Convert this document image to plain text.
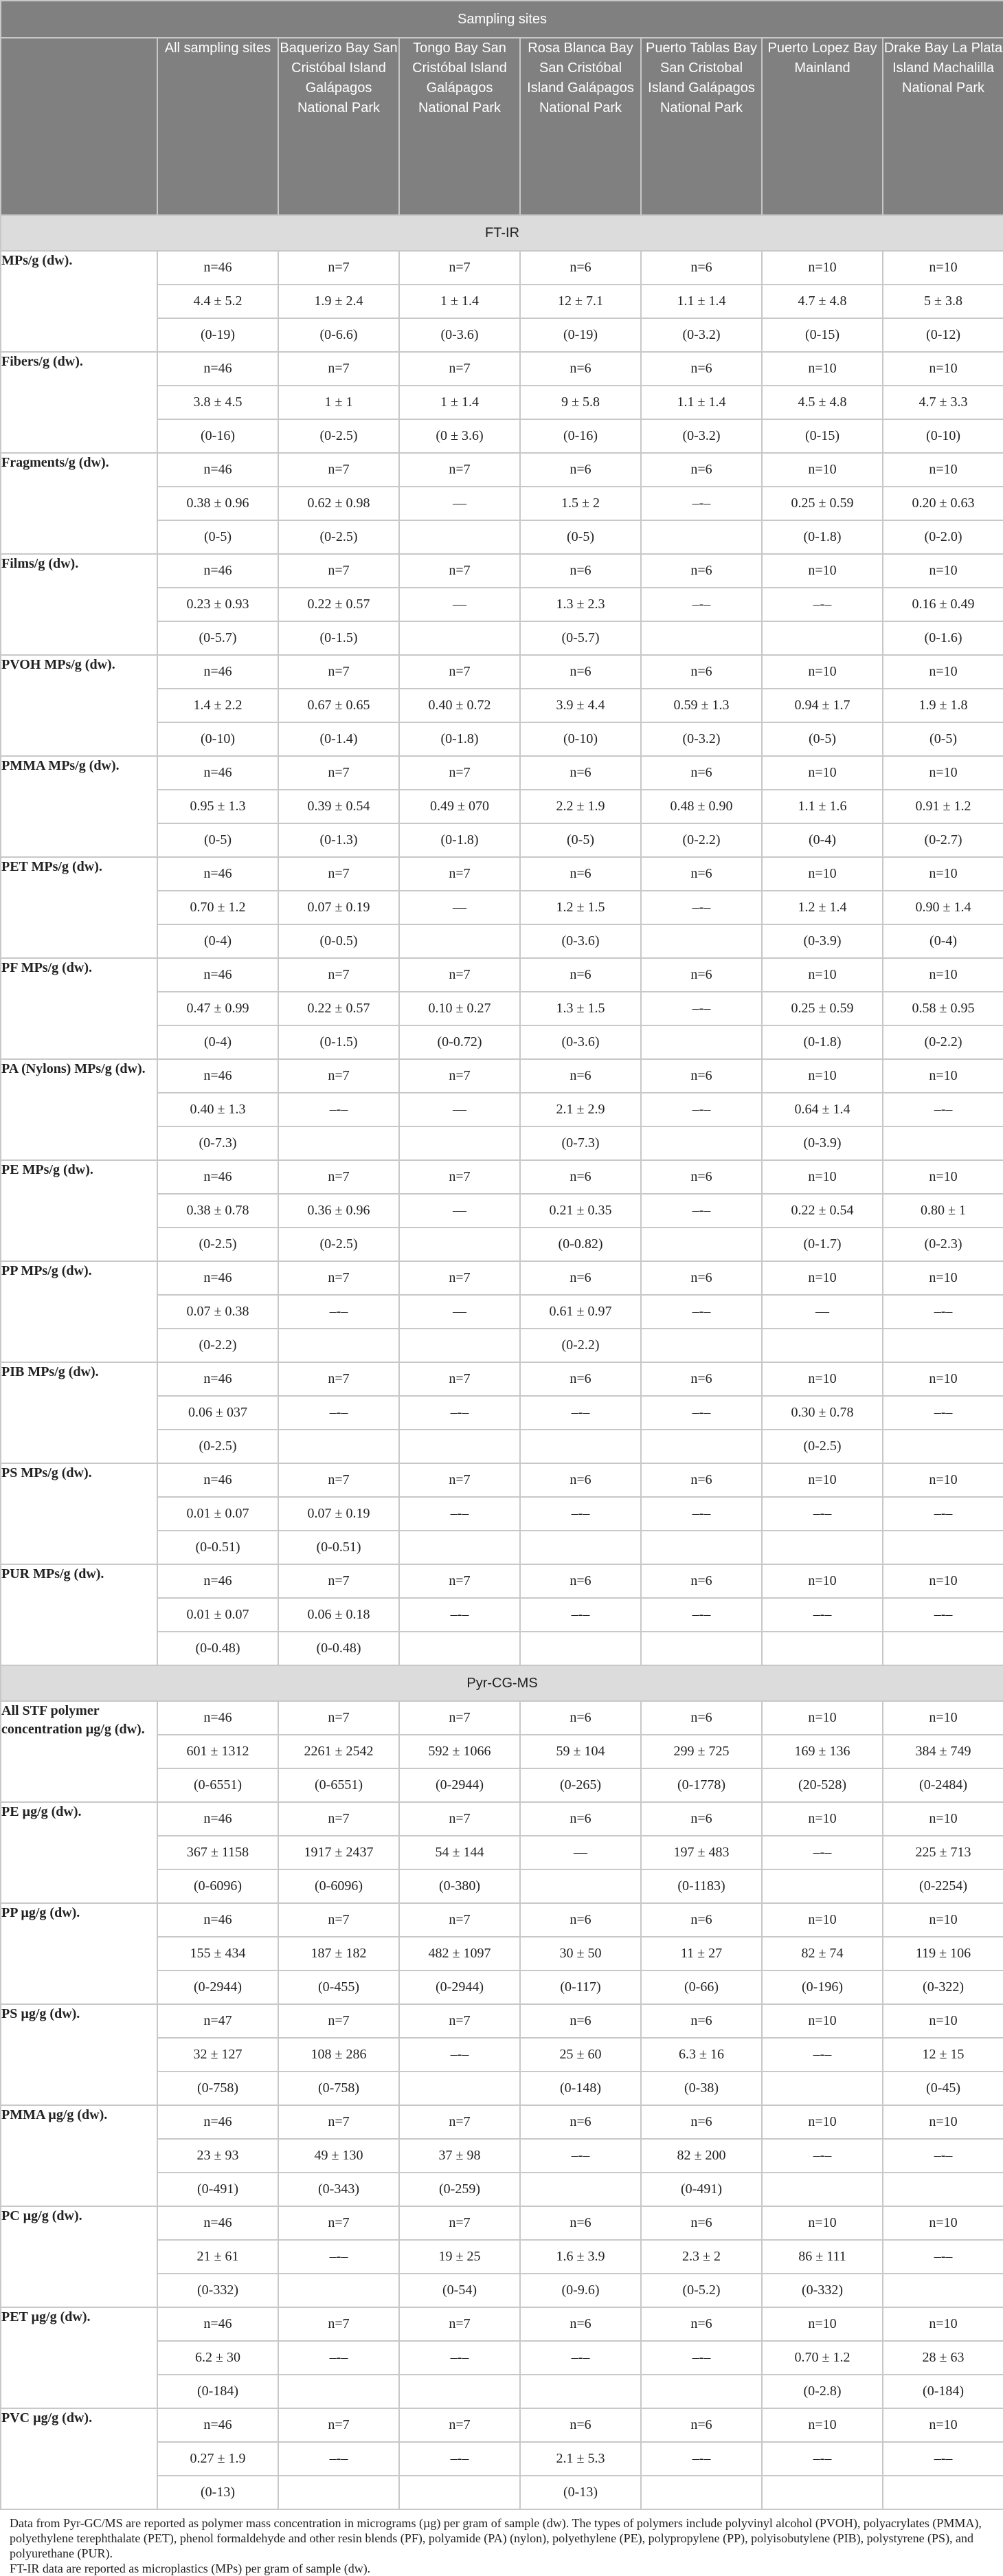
Sampling sites							
	All sampling sites	Baquerizo Bay San Cristóbal Island Galápagos National Park	Tongo Bay San Cristóbal Island Galápagos National Park	Rosa Blanca Bay San Cristóbal Island Galápagos National Park	Puerto Tablas Bay San Cristobal Island Galápagos National Park	Puerto Lopez Bay Mainland	Drake Bay La Plata Island Machalilla National Park
FT-IR							
MPs/g (dw).	n=46	n=7	n=7	n=6	n=6	n=10	n=10
	4.4 ± 5.2	1.9 ± 2.4	1 ± 1.4	12 ± 7.1	1.1 ± 1.4	4.7 ± 4.8	5 ± 3.8
	(0-19)	(0-6.6)	(0-3.6)	(0-19)	(0-3.2)	(0-15)	(0-12)
Fibers/g (dw).	n=46	n=7	n=7	n=6	n=6	n=10	n=10
	3.8 ± 4.5	1 ± 1	1 ± 1.4	9 ± 5.8	1.1 ± 1.4	4.5 ± 4.8	4.7 ± 3.3
	(0-16)	(0-2.5)	(0 ± 3.6)	(0-16)	(0-3.2)	(0-15)	(0-10)
Fragments/g (dw).	n=46	n=7	n=7	n=6	n=6	n=10	n=10
	0.38 ± 0.96	0.62 ± 0.98	—	1.5 ± 2	–-–	0.25 ± 0.59	0.20 ± 0.63
	(0-5)	(0-2.5)		(0-5)		(0-1.8)	(0-2.0)
Films/g (dw).	n=46	n=7	n=7	n=6	n=6	n=10	n=10
	0.23 ± 0.93	0.22 ± 0.57	—	1.3 ± 2.3	–-–	–-–	0.16 ± 0.49
	(0-5.7)	(0-1.5)		(0-5.7)			(0-1.6)
PVOH MPs/g (dw).	n=46	n=7	n=7	n=6	n=6	n=10	n=10
	1.4 ± 2.2	0.67 ± 0.65	0.40 ± 0.72	3.9 ± 4.4	0.59 ± 1.3	0.94 ± 1.7	1.9 ± 1.8
	(0-10)	(0-1.4)	(0-1.8)	(0-10)	(0-3.2)	(0-5)	(0-5)
PMMA MPs/g (dw).	n=46	n=7	n=7	n=6	n=6	n=10	n=10
	0.95 ± 1.3	0.39 ± 0.54	0.49 ± 070	2.2 ± 1.9	0.48 ± 0.90	1.1 ± 1.6	0.91 ± 1.2
	(0-5)	(0-1.3)	(0-1.8)	(0-5)	(0-2.2)	(0-4)	(0-2.7)
PET MPs/g (dw).	n=46	n=7	n=7	n=6	n=6	n=10	n=10
	0.70 ± 1.2	0.07 ± 0.19	—	1.2 ± 1.5	–-–	1.2 ± 1.4	0.90 ± 1.4
	(0-4)	(0-0.5)		(0-3.6)		(0-3.9)	(0-4)
PF MPs/g (dw).	n=46	n=7	n=7	n=6	n=6	n=10	n=10
	0.47 ± 0.99	0.22 ± 0.57	0.10 ± 0.27	1.3 ± 1.5	–-–	0.25 ± 0.59	0.58 ± 0.95
	(0-4)	(0-1.5)	(0-0.72)	(0-3.6)		(0-1.8)	(0-2.2)
PA (Nylons) MPs/g (dw).	n=46	n=7	n=7	n=6	n=6	n=10	n=10
	0.40 ± 1.3	–-–	—	2.1 ± 2.9	–-–	0.64 ± 1.4	–-–
	(0-7.3)			(0-7.3)		(0-3.9)	
PE MPs/g (dw).	n=46	n=7	n=7	n=6	n=6	n=10	n=10
	0.38 ± 0.78	0.36 ± 0.96	—	0.21 ± 0.35	–-–	0.22 ± 0.54	0.80 ± 1
	(0-2.5)	(0-2.5)		(0-0.82)		(0-1.7)	(0-2.3)
PP MPs/g (dw).	n=46	n=7	n=7	n=6	n=6	n=10	n=10
	0.07 ± 0.38	–-–	—	0.61 ± 0.97	–-–	—	–-–
	(0-2.2)			(0-2.2)			
PIB MPs/g (dw).	n=46	n=7	n=7	n=6	n=6	n=10	n=10
	0.06 ± 037	–-–	–-–	–-–	–-–	0.30 ± 0.78	–-–
	(0-2.5)					(0-2.5)	
PS MPs/g (dw).	n=46	n=7	n=7	n=6	n=6	n=10	n=10
	0.01 ± 0.07	0.07 ± 0.19	–-–	–-–	–-–	–-–	–-–
	(0-0.51)	(0-0.51)					
PUR MPs/g (dw).	n=46	n=7	n=7	n=6	n=6	n=10	n=10
	0.01 ± 0.07	0.06 ± 0.18	–-–	–-–	–-–	–-–	–-–
	(0-0.48)	(0-0.48)					
Pyr-CG-MS							
All STF polymer concentration µg/g (dw).	n=46	n=7	n=7	n=6	n=6	n=10	n=10
	601 ± 1312	2261 ± 2542	592 ± 1066	59 ± 104	299 ± 725	169 ± 136	384 ± 749
	(0-6551)	(0-6551)	(0-2944)	(0-265)	(0-1778)	(20-528)	(0-2484)
PE µg/g (dw).	n=46	n=7	n=7	n=6	n=6	n=10	n=10
	367 ± 1158	1917 ± 2437	54 ± 144	—	197 ± 483	–-–	225 ± 713
	(0-6096)	(0-6096)	(0-380)		(0-1183)		(0-2254)
PP µg/g (dw).	n=46	n=7	n=7	n=6	n=6	n=10	n=10
	155 ± 434	187 ± 182	482 ± 1097	30 ± 50	11 ± 27	82 ± 74	119 ± 106
	(0-2944)	(0-455)	(0-2944)	(0-117)	(0-66)	(0-196)	(0-322)
PS µg/g (dw).	n=47	n=7	n=7	n=6	n=6	n=10	n=10
	32 ± 127	108 ± 286	–-–	25 ± 60	6.3 ± 16	–-–	12 ± 15
	(0-758)	(0-758)		(0-148)	(0-38)		(0-45)
PMMA µg/g (dw).	n=46	n=7	n=7	n=6	n=6	n=10	n=10
	23 ± 93	49 ± 130	37 ± 98	–-–	82 ± 200	–-–	–-–
	(0-491)	(0-343)	(0-259)		(0-491)		
PC µg/g (dw).	n=46	n=7	n=7	n=6	n=6	n=10	n=10
	21 ± 61	–-–	19 ± 25	1.6 ± 3.9	2.3 ± 2	86 ± 111	–-–
	(0-332)		(0-54)	(0-9.6)	(0-5.2)	(0-332)	
PET µg/g (dw).	n=46	n=7	n=7	n=6	n=6	n=10	n=10
	6.2 ± 30	–-–	–-–	–-–	–-–	0.70 ± 1.2	28 ± 63
	(0-184)					(0-2.8)	(0-184)
PVC µg/g (dw).	n=46	n=7	n=7	n=6	n=6	n=10	n=10
	0.27 ± 1.9	–-–	–-–	2.1 ± 5.3	–-–	–-–	–-–
	(0-13)			(0-13)			

Data from Pyr-GC/MS are reported as polymer mass concentration in micrograms (µg) per gram of sample (dw). The types of polymers include polyvinyl alcohol (PVOH), polyacrylates (PMMA), polyethylene terephthalate (PET), phenol formaldehyde and other resin blends (PF), polyamide (PA) (nylon), polyethylene (PE), polypropylene (PP), polyisobutylene (PIB), polystyrene (PS), and polyurethane (PUR).

FT-IR data are reported as microplastics (MPs) per gram of sample (dw).
